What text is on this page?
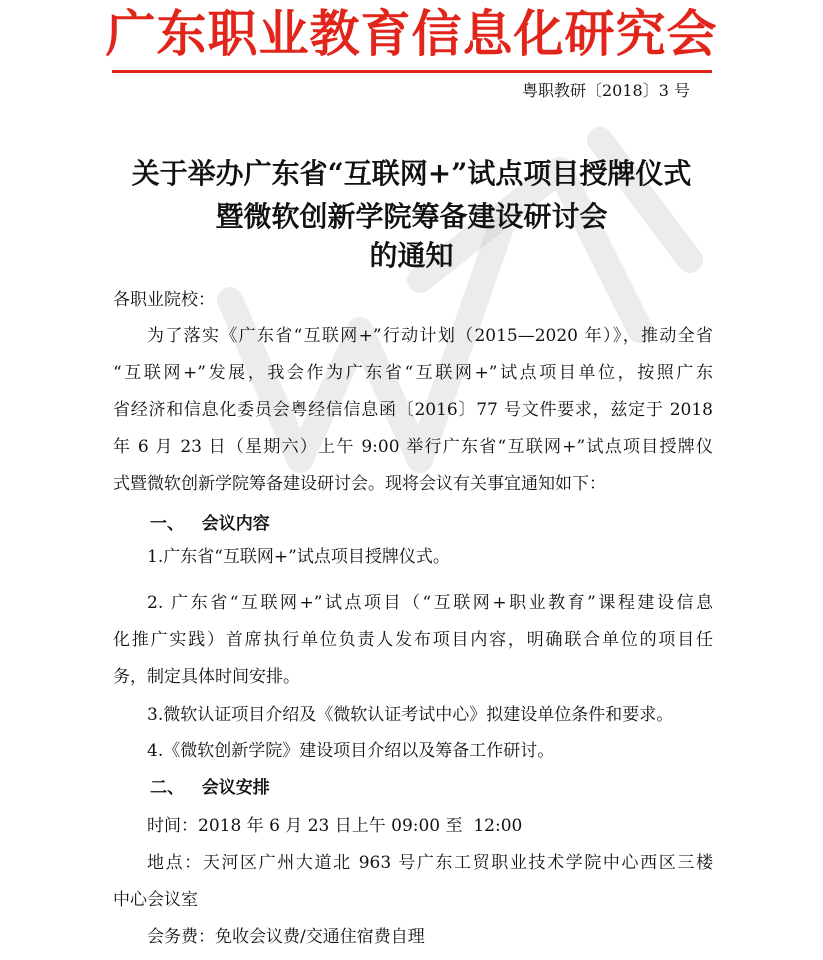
广东职业教育信息化研究会
粤职教研〔2018〕3 号
关于举办广东省“互联网+”试点项目授牌仪式
暨微软创新学院筹备建设研讨会
的通知
各职业院校：
为了落实《广东省“互联网+”行动计划（2015—2020 年）》，推动全省
“互联网+”发展，我会作为广东省“互联网+”试点项目单位，按照广东
省经济和信息化委员会粤经信信息函〔2016〕77 号文件要求，兹定于 2018
年 6 月 23 日（星期六）上午 9:00 举行广东省“互联网+”试点项目授牌仪
式暨微软创新学院筹备建设研讨会。现将会议有关事宜通知如下：
一、   会议内容
1.广东省“互联网+”试点项目授牌仪式。
2. 广东省“互联网+”试点项目（“互联网+职业教育”课程建设信息
化推广实践）首席执行单位负责人发布项目内容，明确联合单位的项目任
务，制定具体时间安排。
3.微软认证项目介绍及《微软认证考试中心》拟建设单位条件和要求。
4.《微软创新学院》建设项目介绍以及筹备工作研讨。
二、   会议安排
时间：2018 年 6 月 23 日上午 09:00 至  12:00
地点：天河区广州大道北 963 号广东工贸职业技术学院中心西区三楼
中心会议室
会务费：免收会议费/交通住宿费自理
